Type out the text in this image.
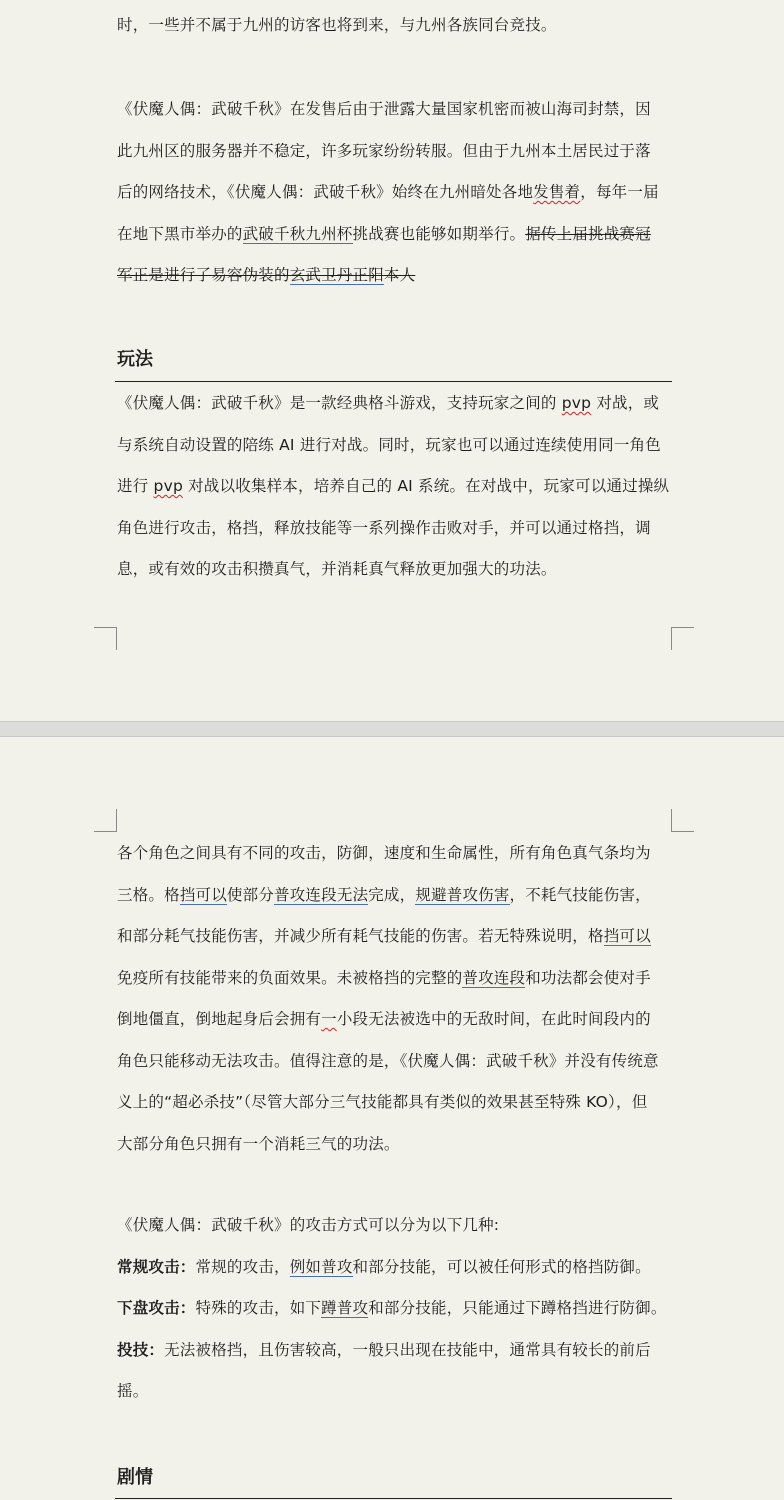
时，一些并不属于九州的访客也将到来，与九州各族同台竞技。
《伏魔人偶：武破千秋》在发售后由于泄露大量国家机密而被山海司封禁，因
此九州区的服务器并不稳定，许多玩家纷纷转服。但由于九州本土居民过于落
后的网络技术，《伏魔人偶：武破千秋》始终在九州暗处各地发售着，每年一届
在地下黑市举办的武破千秋九州杯挑战赛也能够如期举行。据传上届挑战赛冠
军正是进行了易容伪装的玄武卫丹正阳本人
玩法
《伏魔人偶：武破千秋》是一款经典格斗游戏，支持玩家之间的 pvp 对战，或
与系统自动设置的陪练 AI 进行对战。同时，玩家也可以通过连续使用同一角色
进行 pvp 对战以收集样本，培养自己的 AI 系统。在对战中，玩家可以通过操纵
角色进行攻击，格挡，释放技能等一系列操作击败对手，并可以通过格挡，调
息，或有效的攻击积攒真气，并消耗真气释放更加强大的功法。
各个角色之间具有不同的攻击，防御，速度和生命属性，所有角色真气条均为
三格。格挡可以使部分普攻连段无法完成，规避普攻伤害，不耗气技能伤害，
和部分耗气技能伤害，并减少所有耗气技能的伤害。若无特殊说明，格挡可以
免疫所有技能带来的负面效果。未被格挡的完整的普攻连段和功法都会使对手
倒地僵直，倒地起身后会拥有一小段无法被选中的无敌时间，在此时间段内的
角色只能移动无法攻击。值得注意的是，《伏魔人偶：武破千秋》并没有传统意
义上的“超必杀技”（尽管大部分三气技能都具有类似的效果甚至特殊 KO），但
大部分角色只拥有一个消耗三气的功法。
《伏魔人偶：武破千秋》的攻击方式可以分为以下几种:
常规攻击：常规的攻击，例如普攻和部分技能，可以被任何形式的格挡防御。
下盘攻击：特殊的攻击，如下蹲普攻和部分技能，只能通过下蹲格挡进行防御。
投技：无法被格挡，且伤害较高，一般只出现在技能中，通常具有较长的前后
摇。
剧情
